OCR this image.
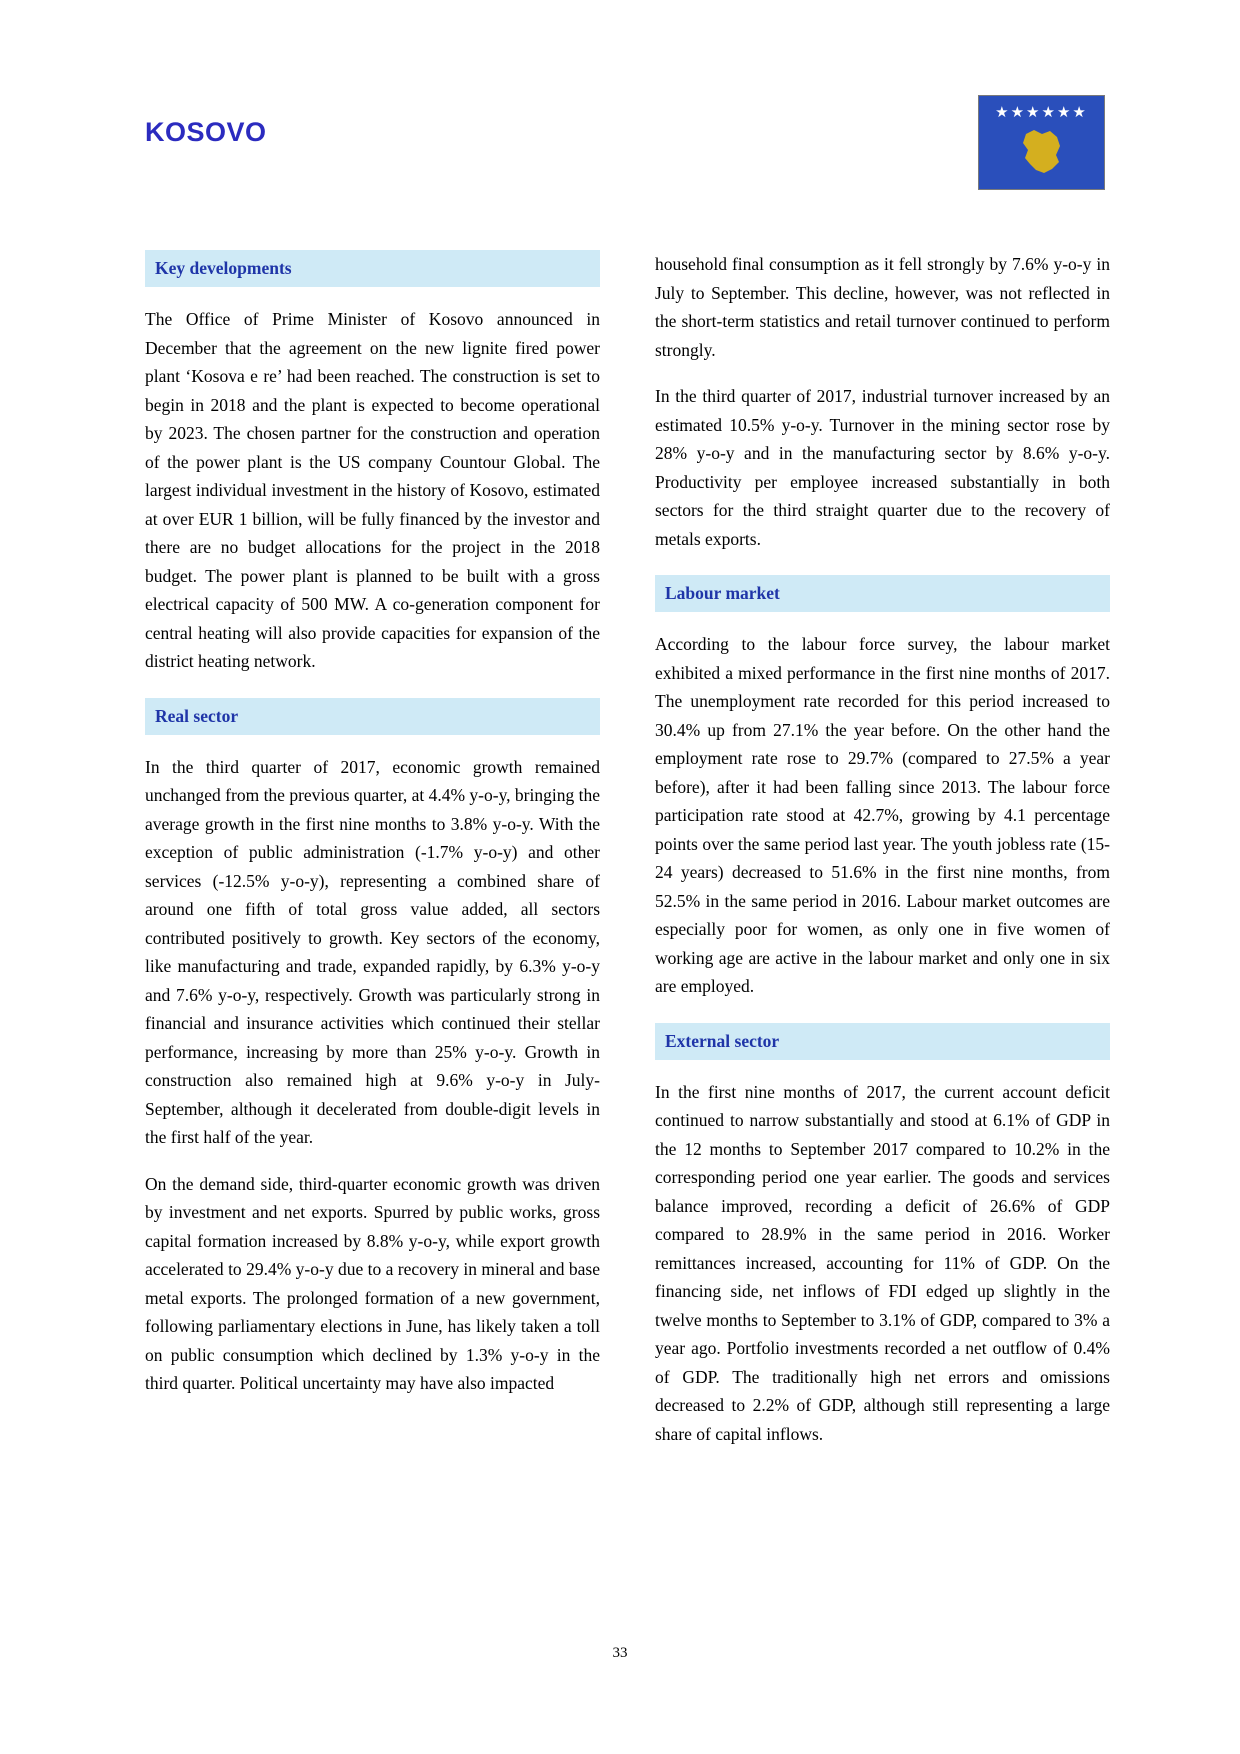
KOSOVO
★★★★★★
Key developments

The Office of Prime Minister of Kosovo announced in December that the agreement on the new lignite fired power plant ‘Kosova e re’ had been reached. The construction is set to begin in 2018 and the plant is expected to become operational by 2023. The chosen partner for the construction and operation of the power plant is the US company Countour Global. The largest individual investment in the history of Kosovo, estimated at over EUR 1 billion, will be fully financed by the investor and there are no budget allocations for the project in the 2018 budget. The power plant is planned to be built with a gross electrical capacity of 500 MW. A co-generation component for central heating will also provide capacities for expansion of the district heating network.

Real sector

In the third quarter of 2017, economic growth remained unchanged from the previous quarter, at 4.4% y-o-y, bringing the average growth in the first nine months to 3.8% y-o-y. With the exception of public administration (-1.7% y-o-y) and other services (-12.5% y-o-y), representing a combined share of around one fifth of total gross value added, all sectors contributed positively to growth. Key sectors of the economy, like manufacturing and trade, expanded rapidly, by 6.3% y-o-y and 7.6% y-o-y, respectively. Growth was particularly strong in financial and insurance activities which continued their stellar performance, increasing by more than 25% y-o-y. Growth in construction also remained high at 9.6% y-o-y in July-September, although it decelerated from double-digit levels in the first half of the year.

On the demand side, third-quarter economic growth was driven by investment and net exports. Spurred by public works, gross capital formation increased by 8.8% y-o-y, while export growth accelerated to 29.4% y-o-y due to a recovery in mineral and base metal exports. The prolonged formation of a new government, following parliamentary elections in June, has likely taken a toll on public consumption which declined by 1.3% y-o-y in the third quarter. Political uncertainty may have also impacted

household final consumption as it fell strongly by 7.6% y-o-y in July to September. This decline, however, was not reflected in the short-term statistics and retail turnover continued to perform strongly.

In the third quarter of 2017, industrial turnover increased by an estimated 10.5% y-o-y. Turnover in the mining sector rose by 28% y-o-y and in the manufacturing sector by 8.6% y-o-y. Productivity per employee increased substantially in both sectors for the third straight quarter due to the recovery of metals exports.

Labour market

According to the labour force survey, the labour market exhibited a mixed performance in the first nine months of 2017. The unemployment rate recorded for this period increased to 30.4% up from 27.1% the year before. On the other hand the employment rate rose to 29.7% (compared to 27.5% a year before), after it had been falling since 2013. The labour force participation rate stood at 42.7%, growing by 4.1 percentage points over the same period last year. The youth jobless rate (15-24 years) decreased to 51.6% in the first nine months, from 52.5% in the same period in 2016. Labour market outcomes are especially poor for women, as only one in five women of working age are active in the labour market and only one in six are employed.

External sector

In the first nine months of 2017, the current account deficit continued to narrow substantially and stood at 6.1% of GDP in the 12 months to September 2017 compared to 10.2% in the corresponding period one year earlier. The goods and services balance improved, recording a deficit of 26.6% of GDP compared to 28.9% in the same period in 2016. Worker remittances increased, accounting for 11% of GDP. On the financing side, net inflows of FDI edged up slightly in the twelve months to September to 3.1% of GDP, compared to 3% a year ago. Portfolio investments recorded a net outflow of 0.4% of GDP. The traditionally high net errors and omissions decreased to 2.2% of GDP, although still representing a large share of capital inflows.

33
